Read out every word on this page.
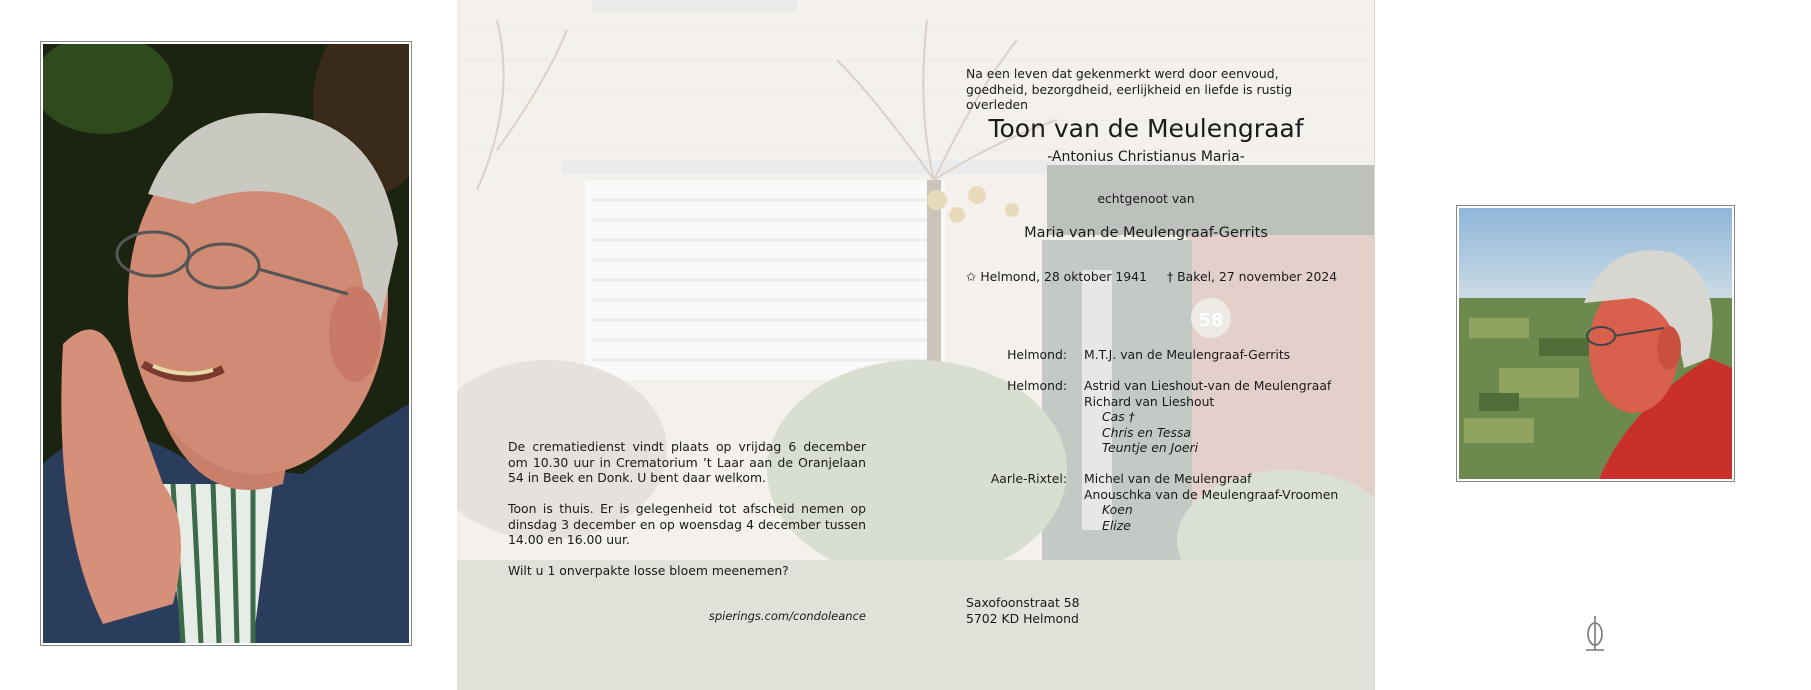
Na een leven dat gekenmerkt werd door eenvoud, goedheid, bezorgdheid, eerlijkheid en liefde is rustig overleden
Toon van de Meulengraaf
-Antonius Christianus Maria-
echtgenoot van
Maria van de Meulengraaf-Gerrits
✩ Helmond, 28 oktober 1941 † Bakel, 27 november 2024
Helmond: M.T.J. van de Meulengraaf-Gerrits
Helmond: Astrid van Lieshout-van de Meulengraaf
Richard van Lieshout
Cas †
Chris en Tessa
Teuntje en Joeri
Aarle-Rixtel: Michel van de Meulengraaf
Anouschka van de Meulengraaf-Vroomen
Koen
Elize

De crematiedienst vindt plaats op vrijdag 6 december om 10.30 uur in Crematorium ’t Laar aan de Oranjelaan 54 in Beek en Donk. U bent daar welkom.

Toon is thuis. Er is gelegenheid tot afscheid nemen op dinsdag 3 december en op woensdag 4 december tussen 14.00 en 16.00 uur.

Wilt u 1 onverpakte losse bloem meenemen?

spierings.com/condoleance
Saxofoonstraat 58
5702 KD Helmond
